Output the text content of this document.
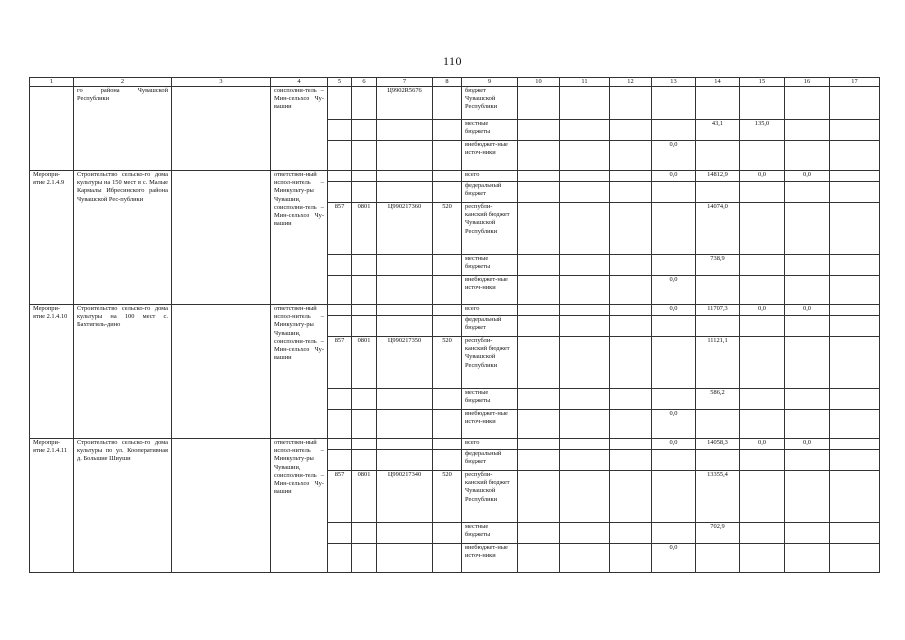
110
1	2	3	4	5	6	7	8	9	10	11	12	13	14	15	16	17
	го района Чувашской Республики		соисполни-тель – Мин-сельхоз Чу-вашии			Ц9902R5676		бюджет Чувашской Республики								
								местные бюджеты					43,1	135,0		
								внебюджет-ные источ-ники				0,0				
Меропри-ятие 2.1.4.9	Строительство сельско-го дома культуры на 150 мест в с. Малые Кармалы Ибресинского района Чувашской Рес-публики		ответствен-ный испол-нитель – Минкульту-ры Чувашии, соисполни-тель – Мин-сельхоз Чу-вашии					всего				0,0	14812,9	0,0	0,0	
								федеральный бюджет								
				857	0801	Ц990217360	520	республи-канский бюджет Чувашской Республики					14074,0			
								местные бюджеты					738,9			
								внебюджет-ные источ-ники				0,0				
Меропри-ятие 2.1.4.10	Строительство сельско-го дома культуры на 100 мест с. Бахтигиль-дино		ответствен-ный испол-нитель – Минкульту-ры Чувашии, соисполни-тель – Мин-сельхоз Чу-вашии					всего				0,0	11707,3	0,0	0,0	
								федеральный бюджет								
				857	0801	Ц990217350	520	республи-канский бюджет Чувашской Республики					11121,1			
								местные бюджеты					586,2			
								внебюджет-ные источ-ники				0,0				
Меропри-ятие 2.1.4.11	Строительство сельско-го дома культуры по ул. Кооперативная д. Большие Шиуши		ответствен-ный испол-нитель – Минкульту-ры Чувашии, соисполни-тель – Мин-сельхоз Чу-вашии					всего				0,0	14058,3	0,0	0,0	
								федеральный бюджет								
				857	0801	Ц990217340	520	республи-канский бюджет Чувашской Республики					13355,4			
								местные бюджеты					702,9			
								внебюджет-ные источ-ники				0,0				
